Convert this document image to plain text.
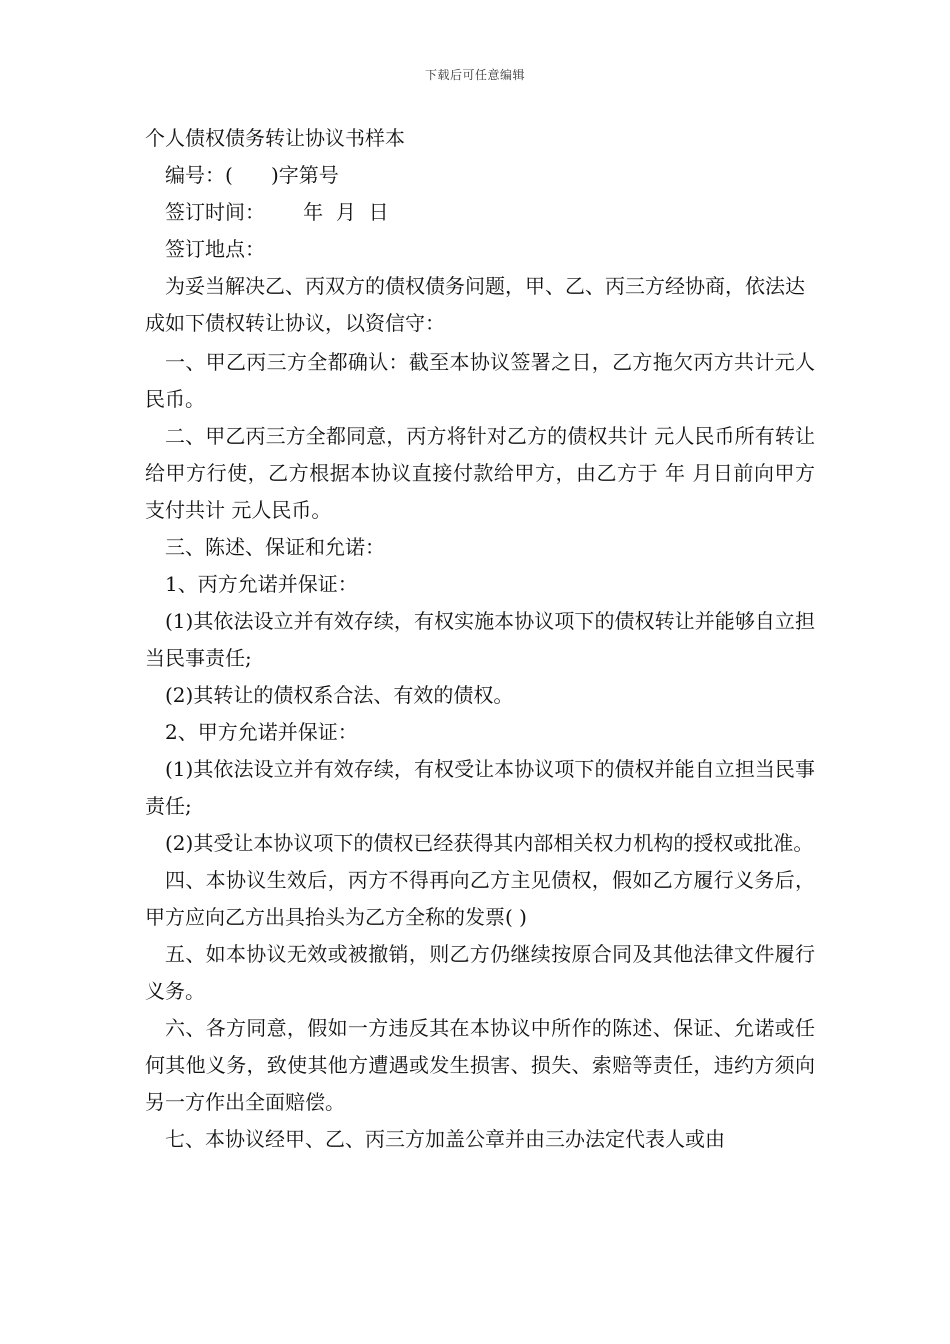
下载后可任意编辑
个人债权债务转让协议书样本

编号：(      )字第号

签订时间：      年  月  日

签订地点：

为妥当解决乙、丙双方的债权债务问题，甲、乙、丙三方经协商，依法达成如下债权转让协议，以资信守：

一、甲乙丙三方全都确认：截至本协议签署之日，乙方拖欠丙方共计元人民币。

二、甲乙丙三方全都同意，丙方将针对乙方的债权共计 元人民币所有转让给甲方行使，乙方根据本协议直接付款给甲方，由乙方于 年 月日前向甲方支付共计 元人民币。

三、陈述、保证和允诺：

1、丙方允诺并保证：

(1)其依法设立并有效存续，有权实施本协议项下的债权转让并能够自立担当民事责任;

(2)其转让的债权系合法、有效的债权。

2、甲方允诺并保证：

(1)其依法设立并有效存续，有权受让本协议项下的债权并能自立担当民事责任;

(2)其受让本协议项下的债权已经获得其内部相关权力机构的授权或批准。

四、本协议生效后，丙方不得再向乙方主见债权，假如乙方履行义务后，甲方应向乙方出具抬头为乙方全称的发票( )

五、如本协议无效或被撤销，则乙方仍继续按原合同及其他法律文件履行义务。

六、各方同意，假如一方违反其在本协议中所作的陈述、保证、允诺或任何其他义务，致使其他方遭遇或发生损害、损失、索赔等责任，违约方须向另一方作出全面赔偿。

七、本协议经甲、乙、丙三方加盖公章并由三办法定代表人或由
